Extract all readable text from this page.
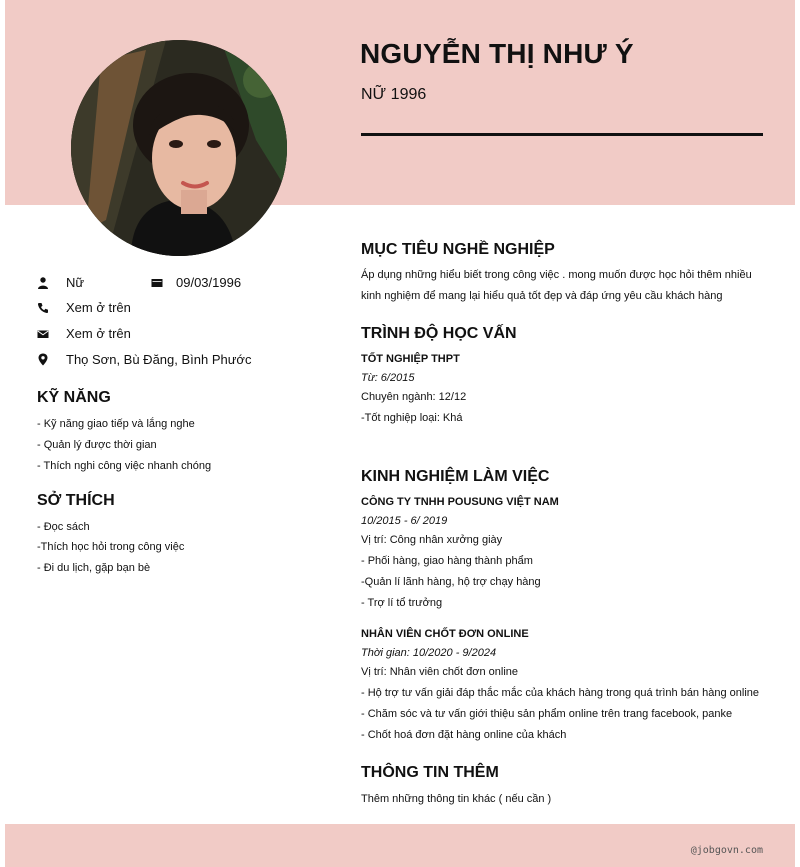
NGUYỄN THỊ NHƯ Ý
NỮ 1996
Nữ	09/03/1996
Xem ở trên
Xem ở trên
Thọ Sơn, Bù Đăng, Bình Phước
KỸ NĂNG
- Kỹ năng giao tiếp và lắng nghe
- Quản lý được thời gian
- Thích nghi công việc nhanh chóng
SỞ THÍCH
- Đọc sách
-Thích học hỏi trong công việc
- Đi du lịch, gặp bạn bè
MỤC TIÊU NGHỀ NGHIỆP
Áp dụng những hiểu biết trong công việc . mong muốn được học hỏi thêm nhiều kinh nghiệm để mang lại hiểu quả tốt đẹp và đáp ứng yêu cầu khách hàng
TRÌNH ĐỘ HỌC VẤN
TỐT NGHIỆP THPT
Từ: 6/2015
Chuyên ngành: 12/12
-Tốt nghiệp loại: Khá
KINH NGHIỆM LÀM VIỆC
CÔNG TY TNHH POUSUNG VIỆT NAM
10/2015 - 6/ 2019
Vị trí: Công nhân xưởng giày
- Phối hàng, giao hàng thành phẩm
-Quản lí lãnh hàng, hộ trợ chạy hàng
- Trợ lí tổ trưởng
NHÂN VIÊN CHỐT ĐƠN ONLINE
Thời gian: 10/2020 - 9/2024
Vị trí: Nhân viên chốt đơn online
- Hộ trợ tư vấn giải đáp thắc mắc của khách hàng trong quá trình bán hàng online
- Chăm sóc và tư vấn giới thiệu sản phẩm online trên trang facebook, panke
- Chốt hoá đơn đặt hàng online của khách
THÔNG TIN THÊM
Thêm những thông tin khác ( nếu cần )
@jobgovn.com
